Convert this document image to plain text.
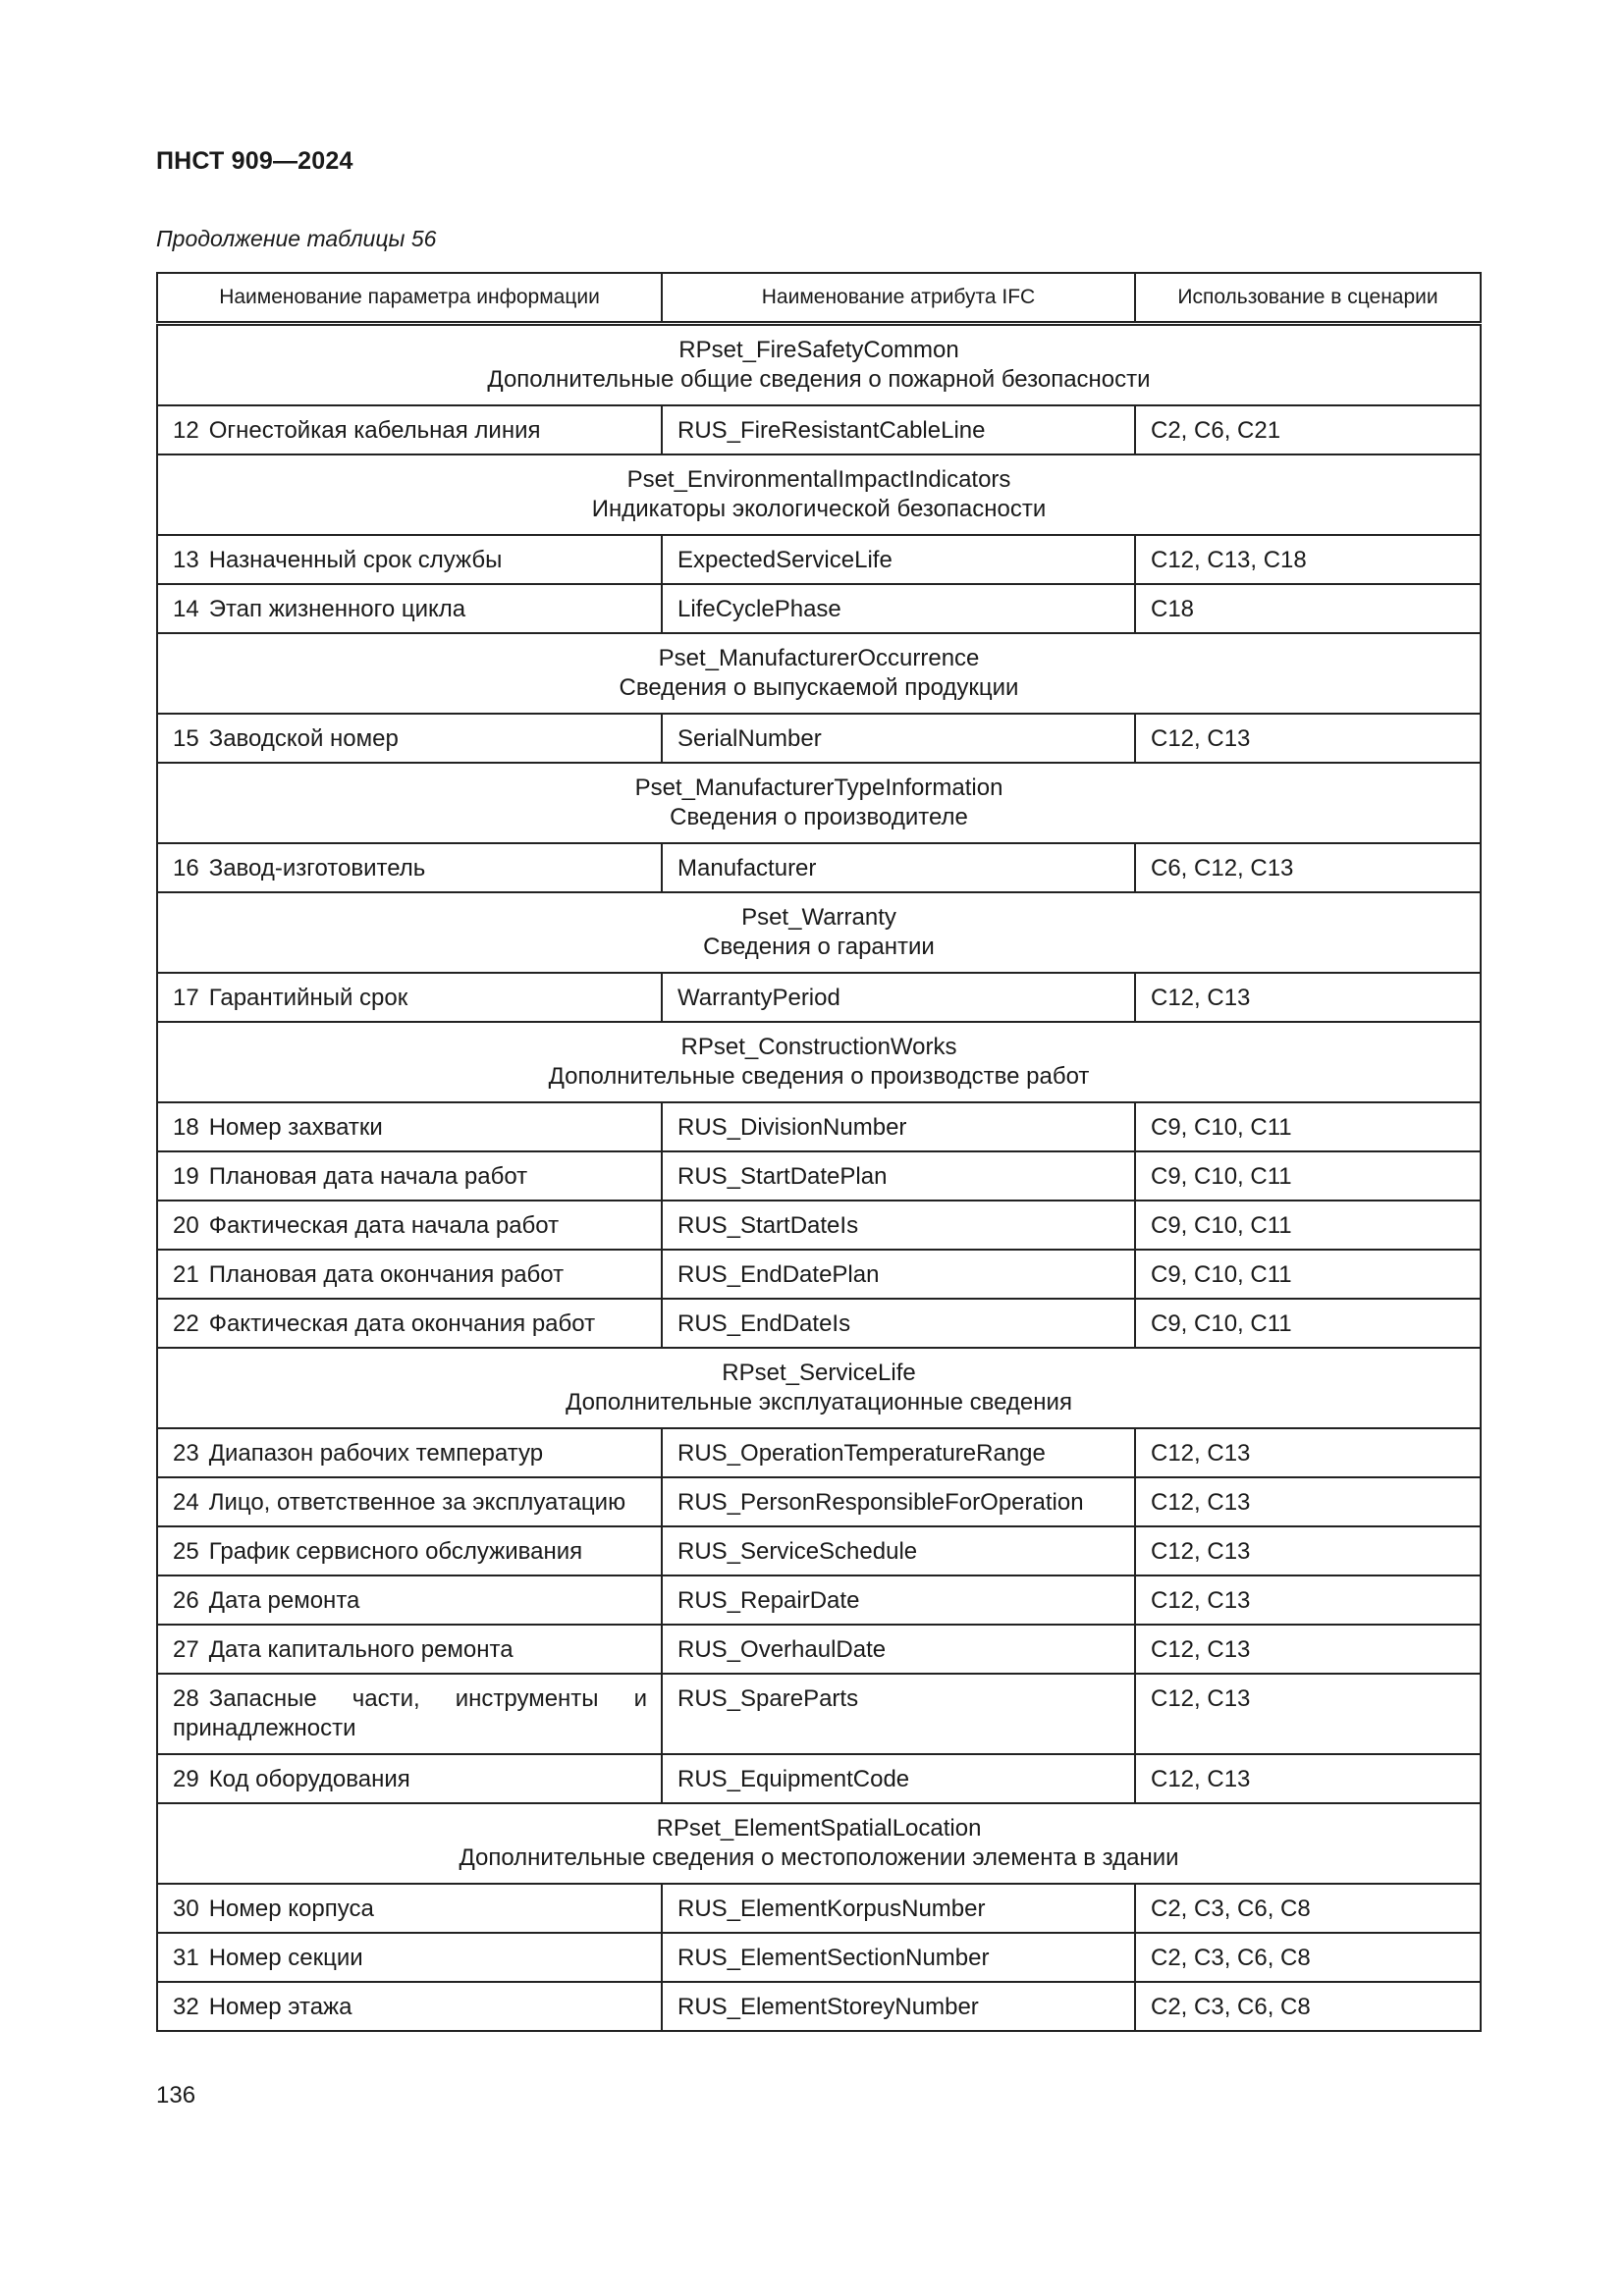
ПНСТ 909—2024
Продолжение таблицы 56
Наименование параметра информации	Наименование атрибута IFC	Использование в сценарии

RPset_FireSafetyCommon
Дополнительные общие сведения о пожарной безопасности		

12 Огнестойкая кабельная линия	RUS_FireResistantCableLine	C2, C6, C21

Pset_EnvironmentalImpactIndicators
Индикаторы экологической безопасности		

13 Назначенный срок службы	ExpectedServiceLife	C12, C13, C18
14 Этап жизненного цикла	LifeCyclePhase	C18

Pset_ManufacturerOccurrence
Сведения о выпускаемой продукции		

15 Заводской номер	SerialNumber	C12, C13

Pset_ManufacturerTypeInformation
Сведения о производителе		

16 Завод-изготовитель	Manufacturer	C6, C12, C13

Pset_Warranty
Сведения о гарантии		

17 Гарантийный срок	WarrantyPeriod	C12, C13

RPset_ConstructionWorks
Дополнительные сведения о производстве работ		

18 Номер захватки	RUS_DivisionNumber	C9, C10, C11
19 Плановая дата начала работ	RUS_StartDatePlan	C9, C10, C11
20 Фактическая дата начала работ	RUS_StartDateIs	C9, C10, C11
21 Плановая дата окончания работ	RUS_EndDatePlan	C9, C10, C11
22 Фактическая дата окончания работ	RUS_EndDateIs	C9, C10, C11

RPset_ServiceLife
Дополнительные эксплуатационные сведения		

23 Диапазон рабочих температур	RUS_OperationTemperatureRange	C12, C13
24 Лицо, ответственное за эксплуатацию	RUS_PersonResponsibleForOperation	C12, C13
25 График сервисного обслуживания	RUS_ServiceSchedule	C12, C13
26 Дата ремонта	RUS_RepairDate	C12, C13
27 Дата капитального ремонта	RUS_OverhaulDate	C12, C13
28 Запасные части, инструменты и принадлежности	RUS_SpareParts	C12, C13
29 Код оборудования	RUS_EquipmentCode	C12, C13

RPset_ElementSpatialLocation
Дополнительные сведения о местоположении элемента в здании		

30 Номер корпуса	RUS_ElementKorpusNumber	C2, C3, C6, C8
31 Номер секции	RUS_ElementSectionNumber	C2, C3, C6, C8
32 Номер этажа	RUS_ElementStoreyNumber	C2, C3, C6, C8
136
